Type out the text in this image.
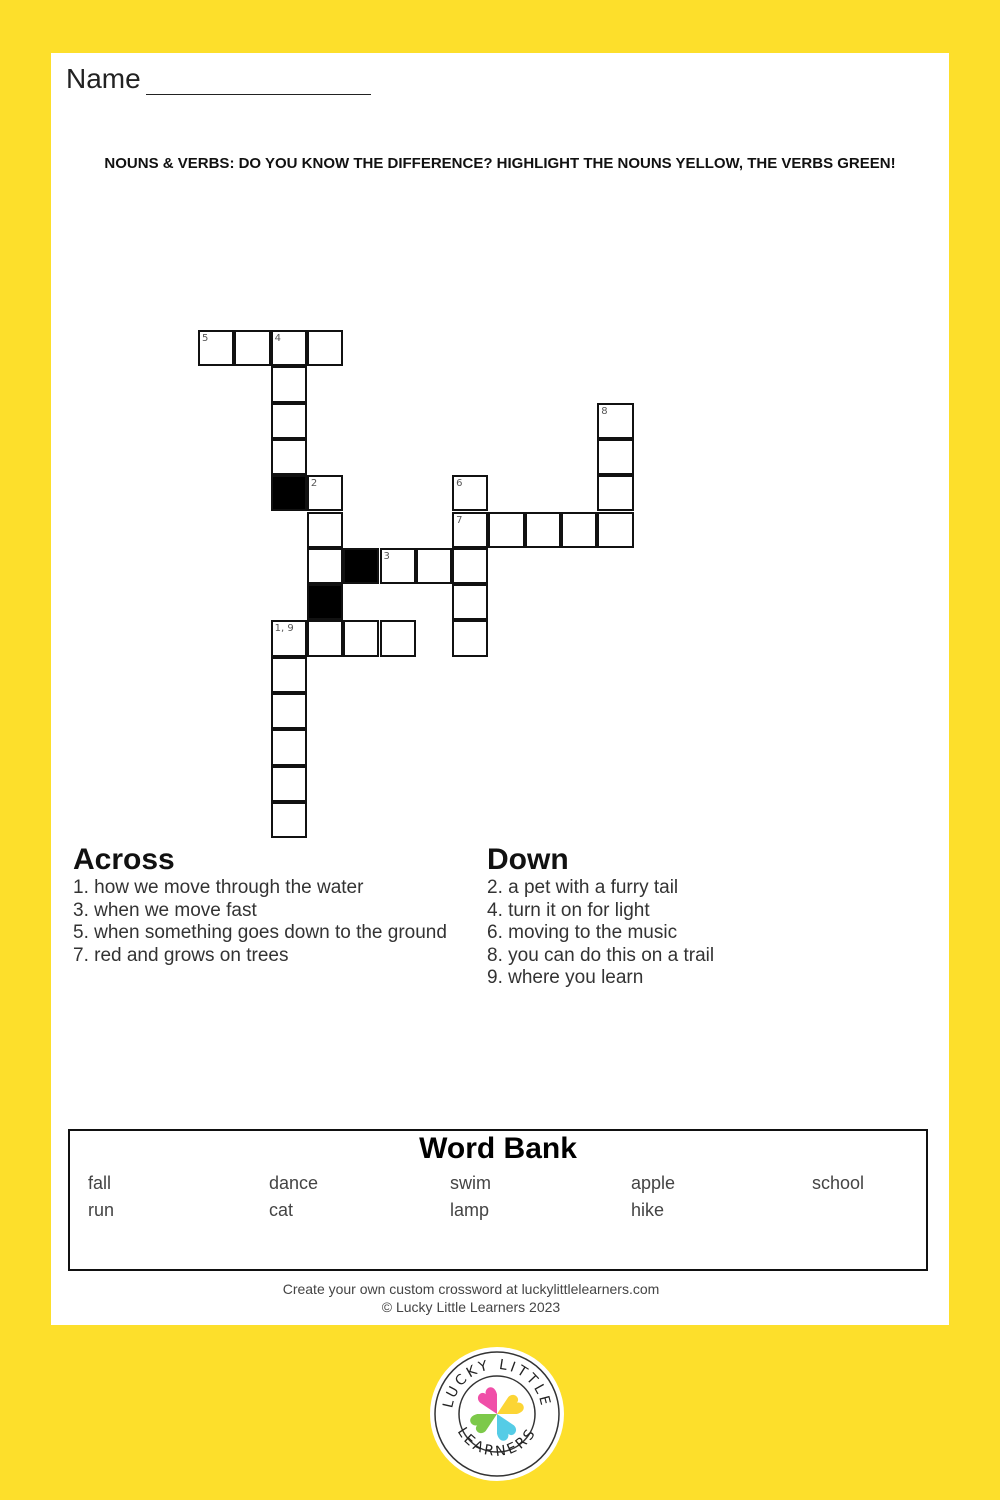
Name
NOUNS & VERBS: DO YOU KNOW THE DIFFERENCE? HIGHLIGHT THE NOUNS YELLOW, THE VERBS GREEN!
5	4
8
2	6
7
3
1, 9
Across
1. how we move through the water
3. when we move fast
5. when something goes down to the ground
7. red and grows on trees
Down
2. a pet with a furry tail
4. turn it on for light
6. moving to the music
8. you can do this on a trail
9. where you learn
Word Bank
fall	dance	swim	apple	school
run	cat	lamp	hike
Create your own custom crossword at luckylittlelearners.com
© Lucky Little Learners 2023
LUCKY LITTLE
LEARNERS
